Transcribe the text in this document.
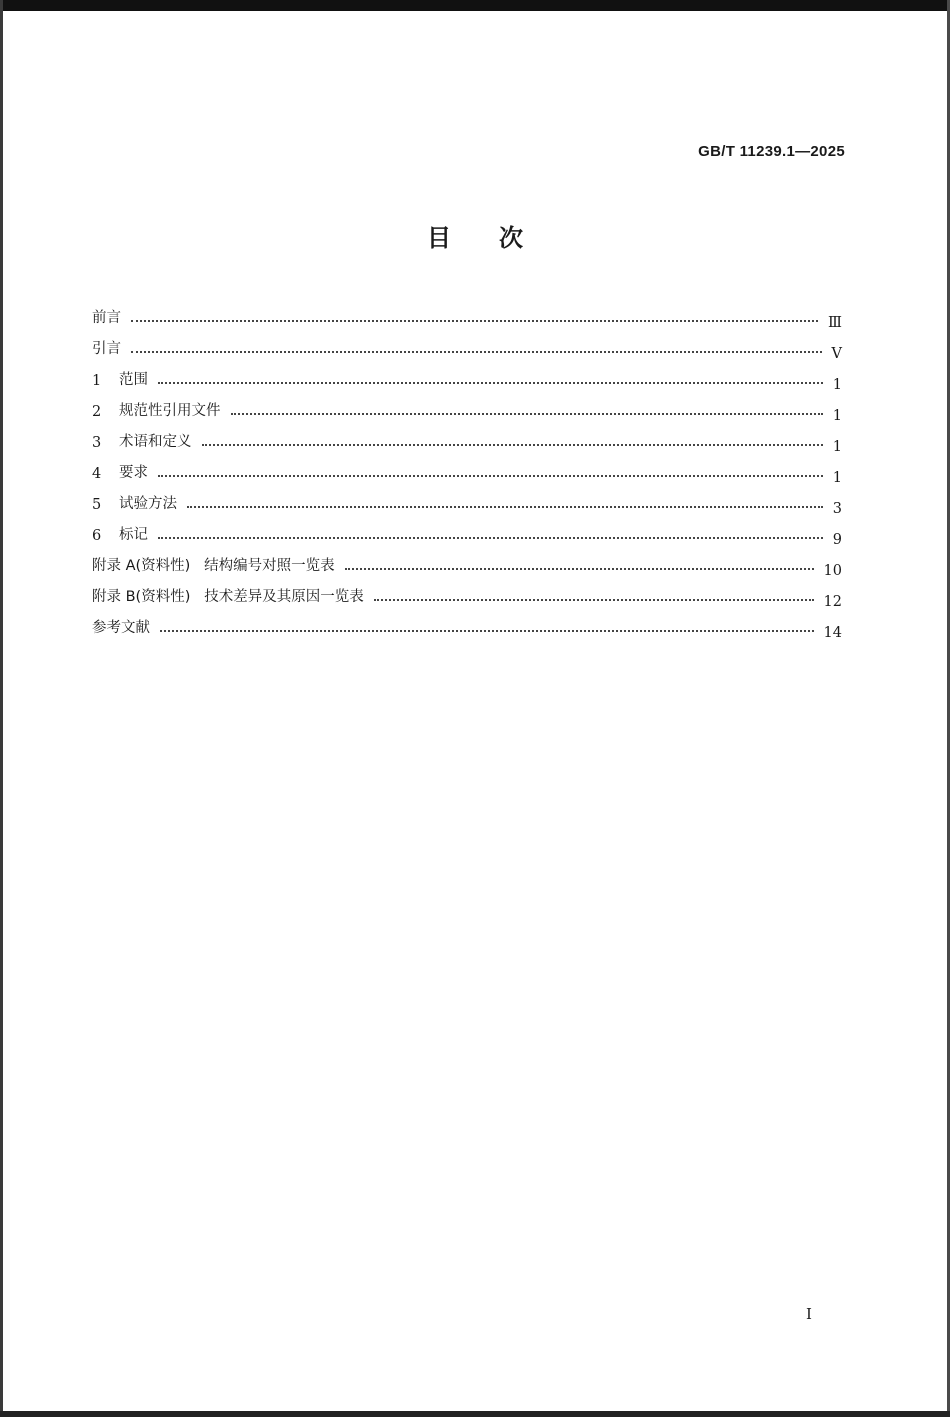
GB/T 11239.1—2025
目次
前言	Ⅲ
引言	Ⅴ
1	范围	1
2	规范性引用文件	1
3	术语和定义	1
4	要求	1
5	试验方法	3
6	标记	9
附录 A(资料性)   结构编号对照一览表	10
附录 B(资料性)   技术差异及其原因一览表	12
参考文献	14
I
